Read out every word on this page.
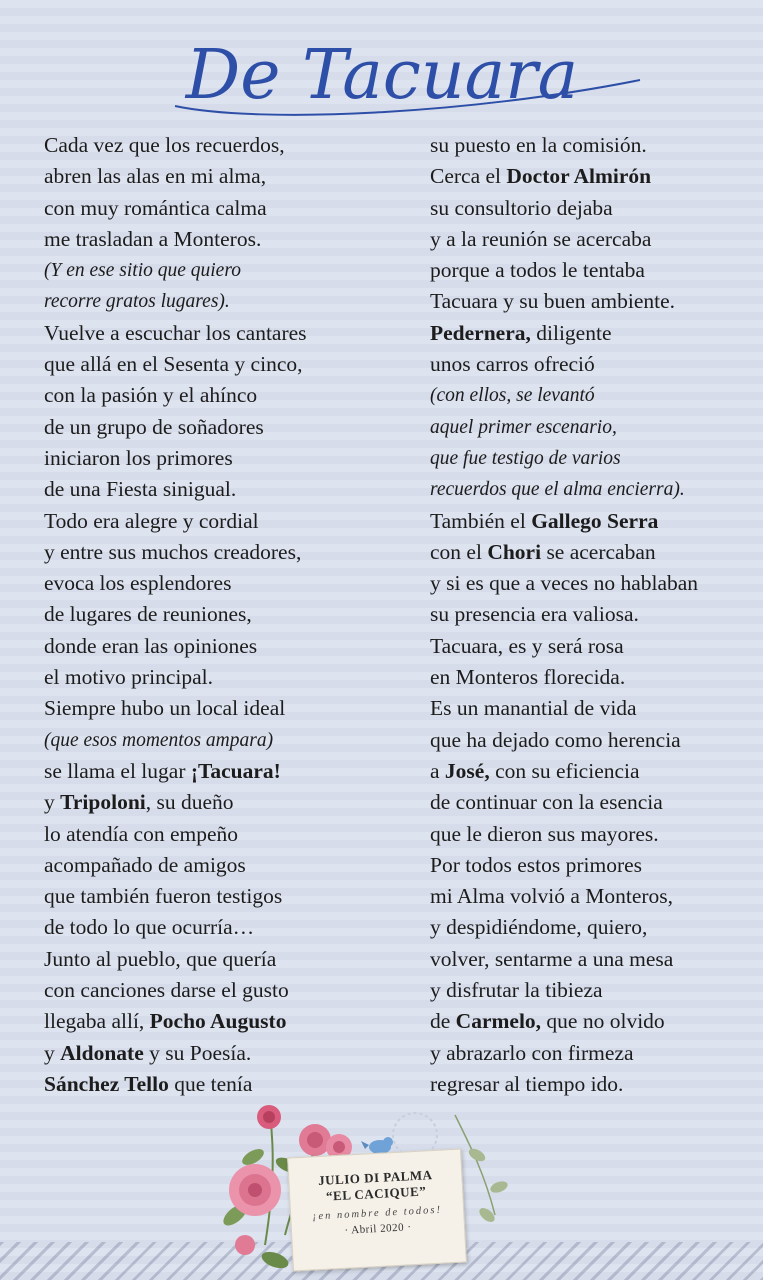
De Tacuara
Cada vez que los recuerdos,
abren las alas en mi alma,
con muy romántica calma
me trasladan a Monteros.
(Y en ese sitio que quiero
recorre gratos lugares).
Vuelve a escuchar los cantares
que allá en el Sesenta y cinco,
con la pasión y el ahínco
de un grupo de soñadores
iniciaron los primores
de una Fiesta sinigual.
Todo era alegre y cordial
y entre sus muchos creadores,
evoca los esplendores
de lugares de reuniones,
donde eran las opiniones
el motivo principal.
Siempre hubo un local ideal
(que esos momentos ampara)
se llama el lugar ¡Tacuara!
y Tripoloni, su dueño
lo atendía con empeño
acompañado de amigos
que también fueron testigos
de todo lo que ocurría…
Junto al pueblo, que quería
con canciones darse el gusto
llegaba allí, Pocho Augusto
y Aldonate y su Poesía.
Sánchez Tello que tenía
su puesto en la comisión.
Cerca el Doctor Almirón
su consultorio dejaba
y a la reunión se acercaba
porque a todos le tentaba
Tacuara y su buen ambiente.
Pedernera, diligente
unos carros ofreció
(con ellos, se levantó
aquel primer escenario,
que fue testigo de varios
recuerdos que el alma encierra).
También el Gallego Serra
con el Chori se acercaban
y si es que a veces no hablaban
su presencia era valiosa.
Tacuara, es y será rosa
en Monteros florecida.
Es un manantial de vida
que ha dejado como herencia
a José, con su eficiencia
de continuar con la esencia
que le dieron sus mayores.
Por todos estos primores
mi Alma volvió a Monteros,
y despidiéndome, quiero,
volver, sentarme a una mesa
y disfrutar la tibieza
de Carmelo, que no olvido
y abrazarlo con firmeza
regresar al tiempo ido.
JULIO DI PALMA
“EL CACIQUE”
¡en nombre de todos!
· Abril 2020 ·
